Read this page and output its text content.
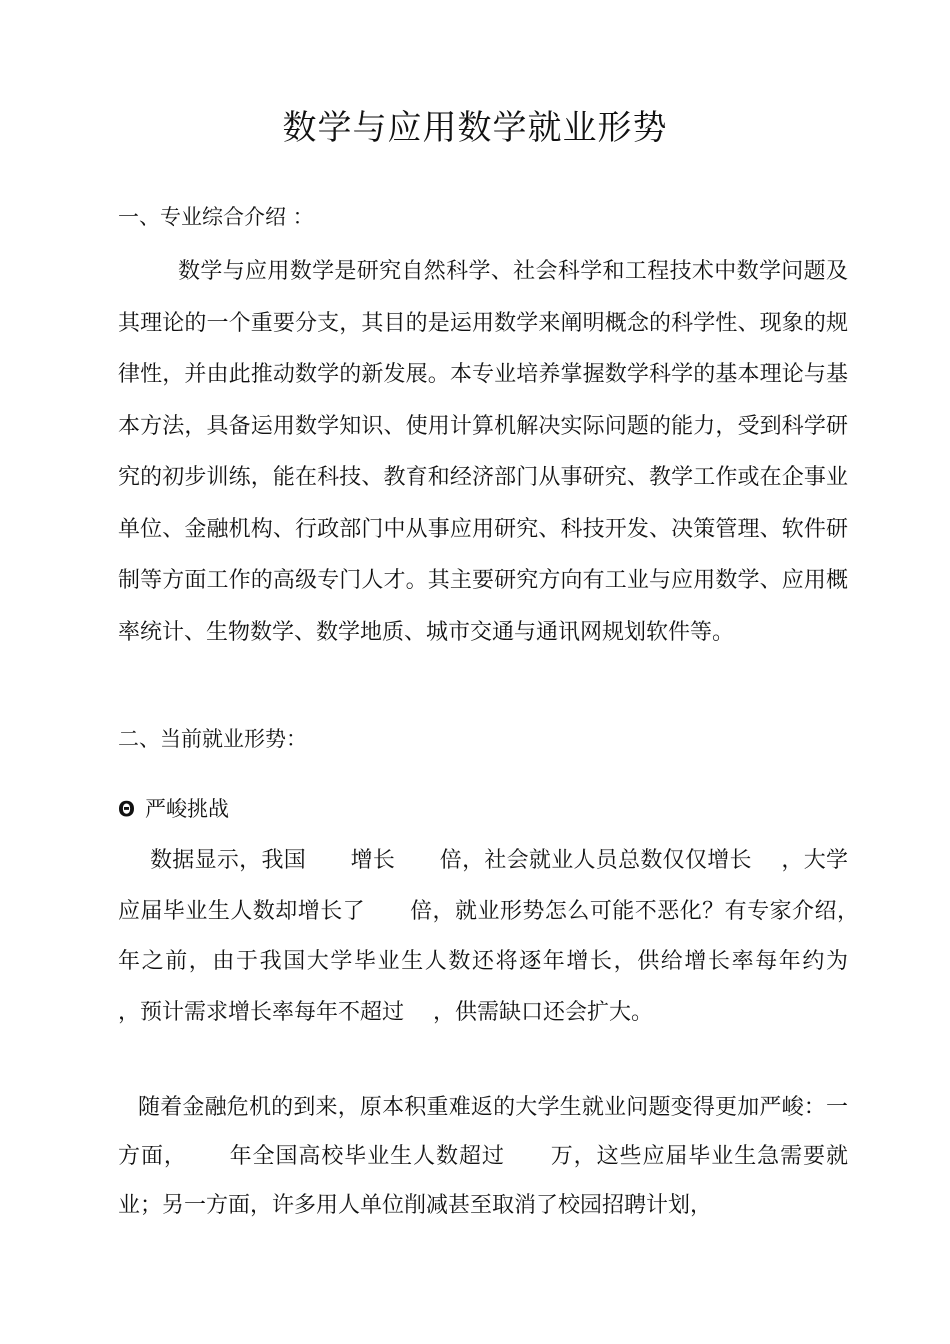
数学与应用数学就业形势
一、专业综合介绍 ：

数学与应用数学是研究自然科学、社会科学和工程技术中数学问题及其理论的一个重要分支，其目的是运用数学来阐明概念的科学性、现象的规律性，并由此推动数学的新发展。本专业培养掌握数学科学的基本理论与基本方法，具备运用数学知识、使用计算机解决实际问题的能力，受到科学研究的初步训练，能在科技、教育和经济部门从事研究、教学工作或在企事业单位、金融机构、行政部门中从事应用研究、科技开发、决策管理、软件研制等方面工作的高级专门人才。其主要研究方向有工业与应用数学、应用概率统计、生物数学、数学地质、城市交通与通讯网规划软件等。

二、当前就业形势：
Θ 严峻挑战

数据显示，我国　　增长　　倍，社会就业人员总数仅仅增长　 ，大学应届毕业生人数却增长了　　倍，就业形势怎么可能不恶化？有专家介绍，　　 年之前，由于我国大学毕业生人数还将逐年增长，供给增长率每年约为　 ，预计需求增长率每年不超过　 ，供需缺口还会扩大。

随着金融危机的到来，原本积重难返的大学生就业问题变得更加严峻：一方面，　　 年全国高校毕业生人数超过　　万，这些应届毕业生急需要就业；另一方面，许多用人单位削减甚至取消了校园招聘计划，
